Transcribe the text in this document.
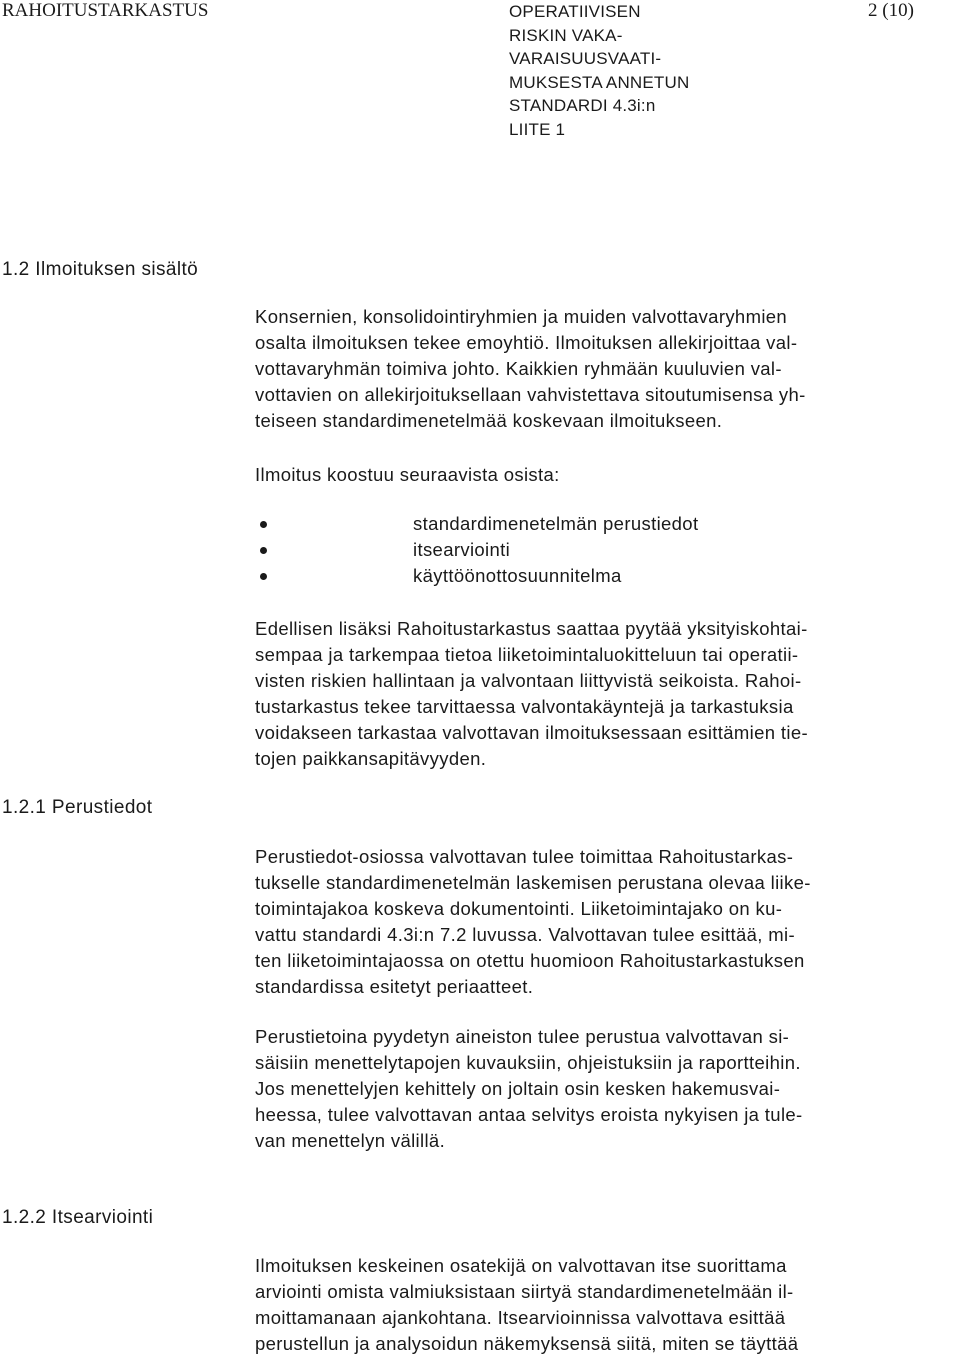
RAHOITUSTARKASTUS	OPERATIIVISEN
RISKIN VAKA-
VARAISUUSVAATI-
MUKSESTA ANNETUN
STANDARDI 4.3i:n
LIITE 1
2 (10)
1.2 Ilmoituksen sisältö
Konsernien, konsolidointiryhmien ja muiden valvottavaryhmien
osalta ilmoituksen tekee emoyhtiö. Ilmoituksen allekirjoittaa val-
vottavaryhmän toimiva johto. Kaikkien ryhmään kuuluvien val-
vottavien on allekirjoituksellaan vahvistettava sitoutumisensa yh-
teiseen standardimenetelmää koskevaan ilmoitukseen.
Ilmoitus koostuu seuraavista osista:
standardimenetelmän perustiedot
itsearviointi
käyttöönottosuunnitelma
Edellisen lisäksi Rahoitustarkastus saattaa pyytää yksityiskohtai-
sempaa ja tarkempaa tietoa liiketoimintaluokitteluun tai operatii-
visten riskien hallintaan ja valvontaan liittyvistä seikoista. Rahoi-
tustarkastus tekee tarvittaessa valvontakäyntejä ja tarkastuksia
voidakseen tarkastaa valvottavan ilmoituksessaan esittämien tie-
tojen paikkansapitävyyden.
1.2.1 Perustiedot
Perustiedot-osiossa valvottavan tulee toimittaa Rahoitustarkas-
tukselle standardimenetelmän laskemisen perustana olevaa liike-
toimintajakoa koskeva dokumentointi. Liiketoimintajako on ku-
vattu standardi 4.3i:n 7.2 luvussa. Valvottavan tulee esittää, mi-
ten liiketoimintajaossa on otettu huomioon Rahoitustarkastuksen
standardissa esitetyt periaatteet.
Perustietoina pyydetyn aineiston tulee perustua valvottavan si-
säisiin menettelytapojen kuvauksiin, ohjeistuksiin ja raportteihin.
Jos menettelyjen kehittely on joltain osin kesken hakemusvai-
heessa, tulee valvottavan antaa selvitys eroista nykyisen ja tule-
van menettelyn välillä.
1.2.2 Itsearviointi
Ilmoituksen keskeinen osatekijä on valvottavan itse suorittama
arviointi omista valmiuksistaan siirtyä standardimenetelmään il-
moittamanaan ajankohtana. Itsearvioinnissa valvottava esittää
perustellun ja analysoidun näkemyksensä siitä, miten se täyttää
